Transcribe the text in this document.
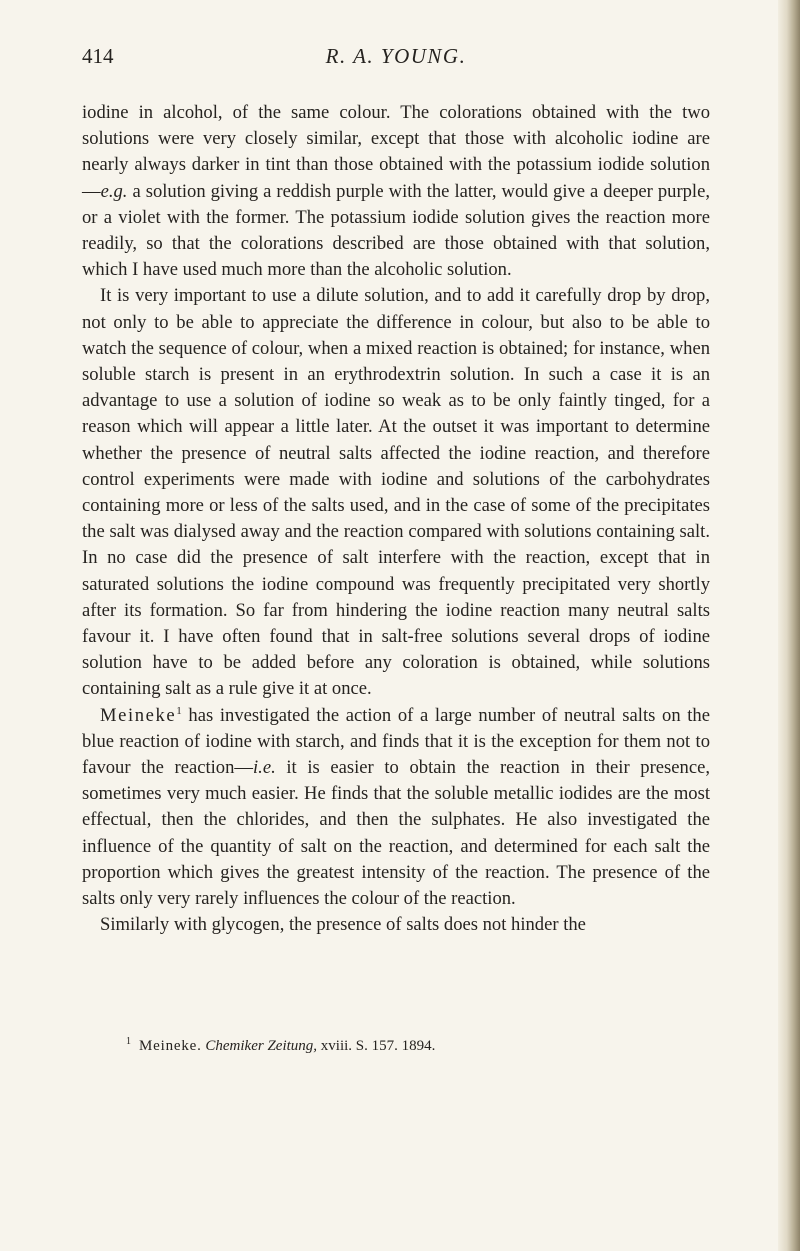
414	R. A. YOUNG.

iodine in alcohol, of the same colour. The colorations obtained with the two solutions were very closely similar, except that those with alcoholic iodine are nearly always darker in tint than those obtained with the potassium iodide solution—e.g. a solution giving a reddish purple with the latter, would give a deeper purple, or a violet with the former. The potassium iodide solution gives the reaction more readily, so that the colorations described are those obtained with that solution, which I have used much more than the alcoholic solution.

It is very important to use a dilute solution, and to add it carefully drop by drop, not only to be able to appreciate the difference in colour, but also to be able to watch the sequence of colour, when a mixed reaction is obtained; for instance, when soluble starch is present in an erythrodextrin solution. In such a case it is an advantage to use a solution of iodine so weak as to be only faintly tinged, for a reason which will appear a little later. At the outset it was important to determine whether the presence of neutral salts affected the iodine reaction, and therefore control experiments were made with iodine and solutions of the carbohydrates containing more or less of the salts used, and in the case of some of the precipitates the salt was dialysed away and the reaction compared with solutions containing salt. In no case did the presence of salt interfere with the reaction, except that in saturated solutions the iodine compound was frequently precipitated very shortly after its formation. So far from hindering the iodine reaction many neutral salts favour it. I have often found that in salt-free solutions several drops of iodine solution have to be added before any coloration is obtained, while solutions containing salt as a rule give it at once.

Meineke$^1$ has investigated the action of a large number of neutral salts on the blue reaction of iodine with starch, and finds that it is the exception for them not to favour the reaction—i.e. it is easier to obtain the reaction in their presence, sometimes very much easier. He finds that the soluble metallic iodides are the most effectual, then the chlorides, and then the sulphates. He also investigated the influence of the quantity of salt on the reaction, and determined for each salt the proportion which gives the greatest intensity of the reaction. The presence of the salts only very rarely influences the colour of the reaction.

Similarly with glycogen, the presence of salts does not hinder the

$^1$ Meineke. Chemiker Zeitung, xviii. S. 157. 1894.
